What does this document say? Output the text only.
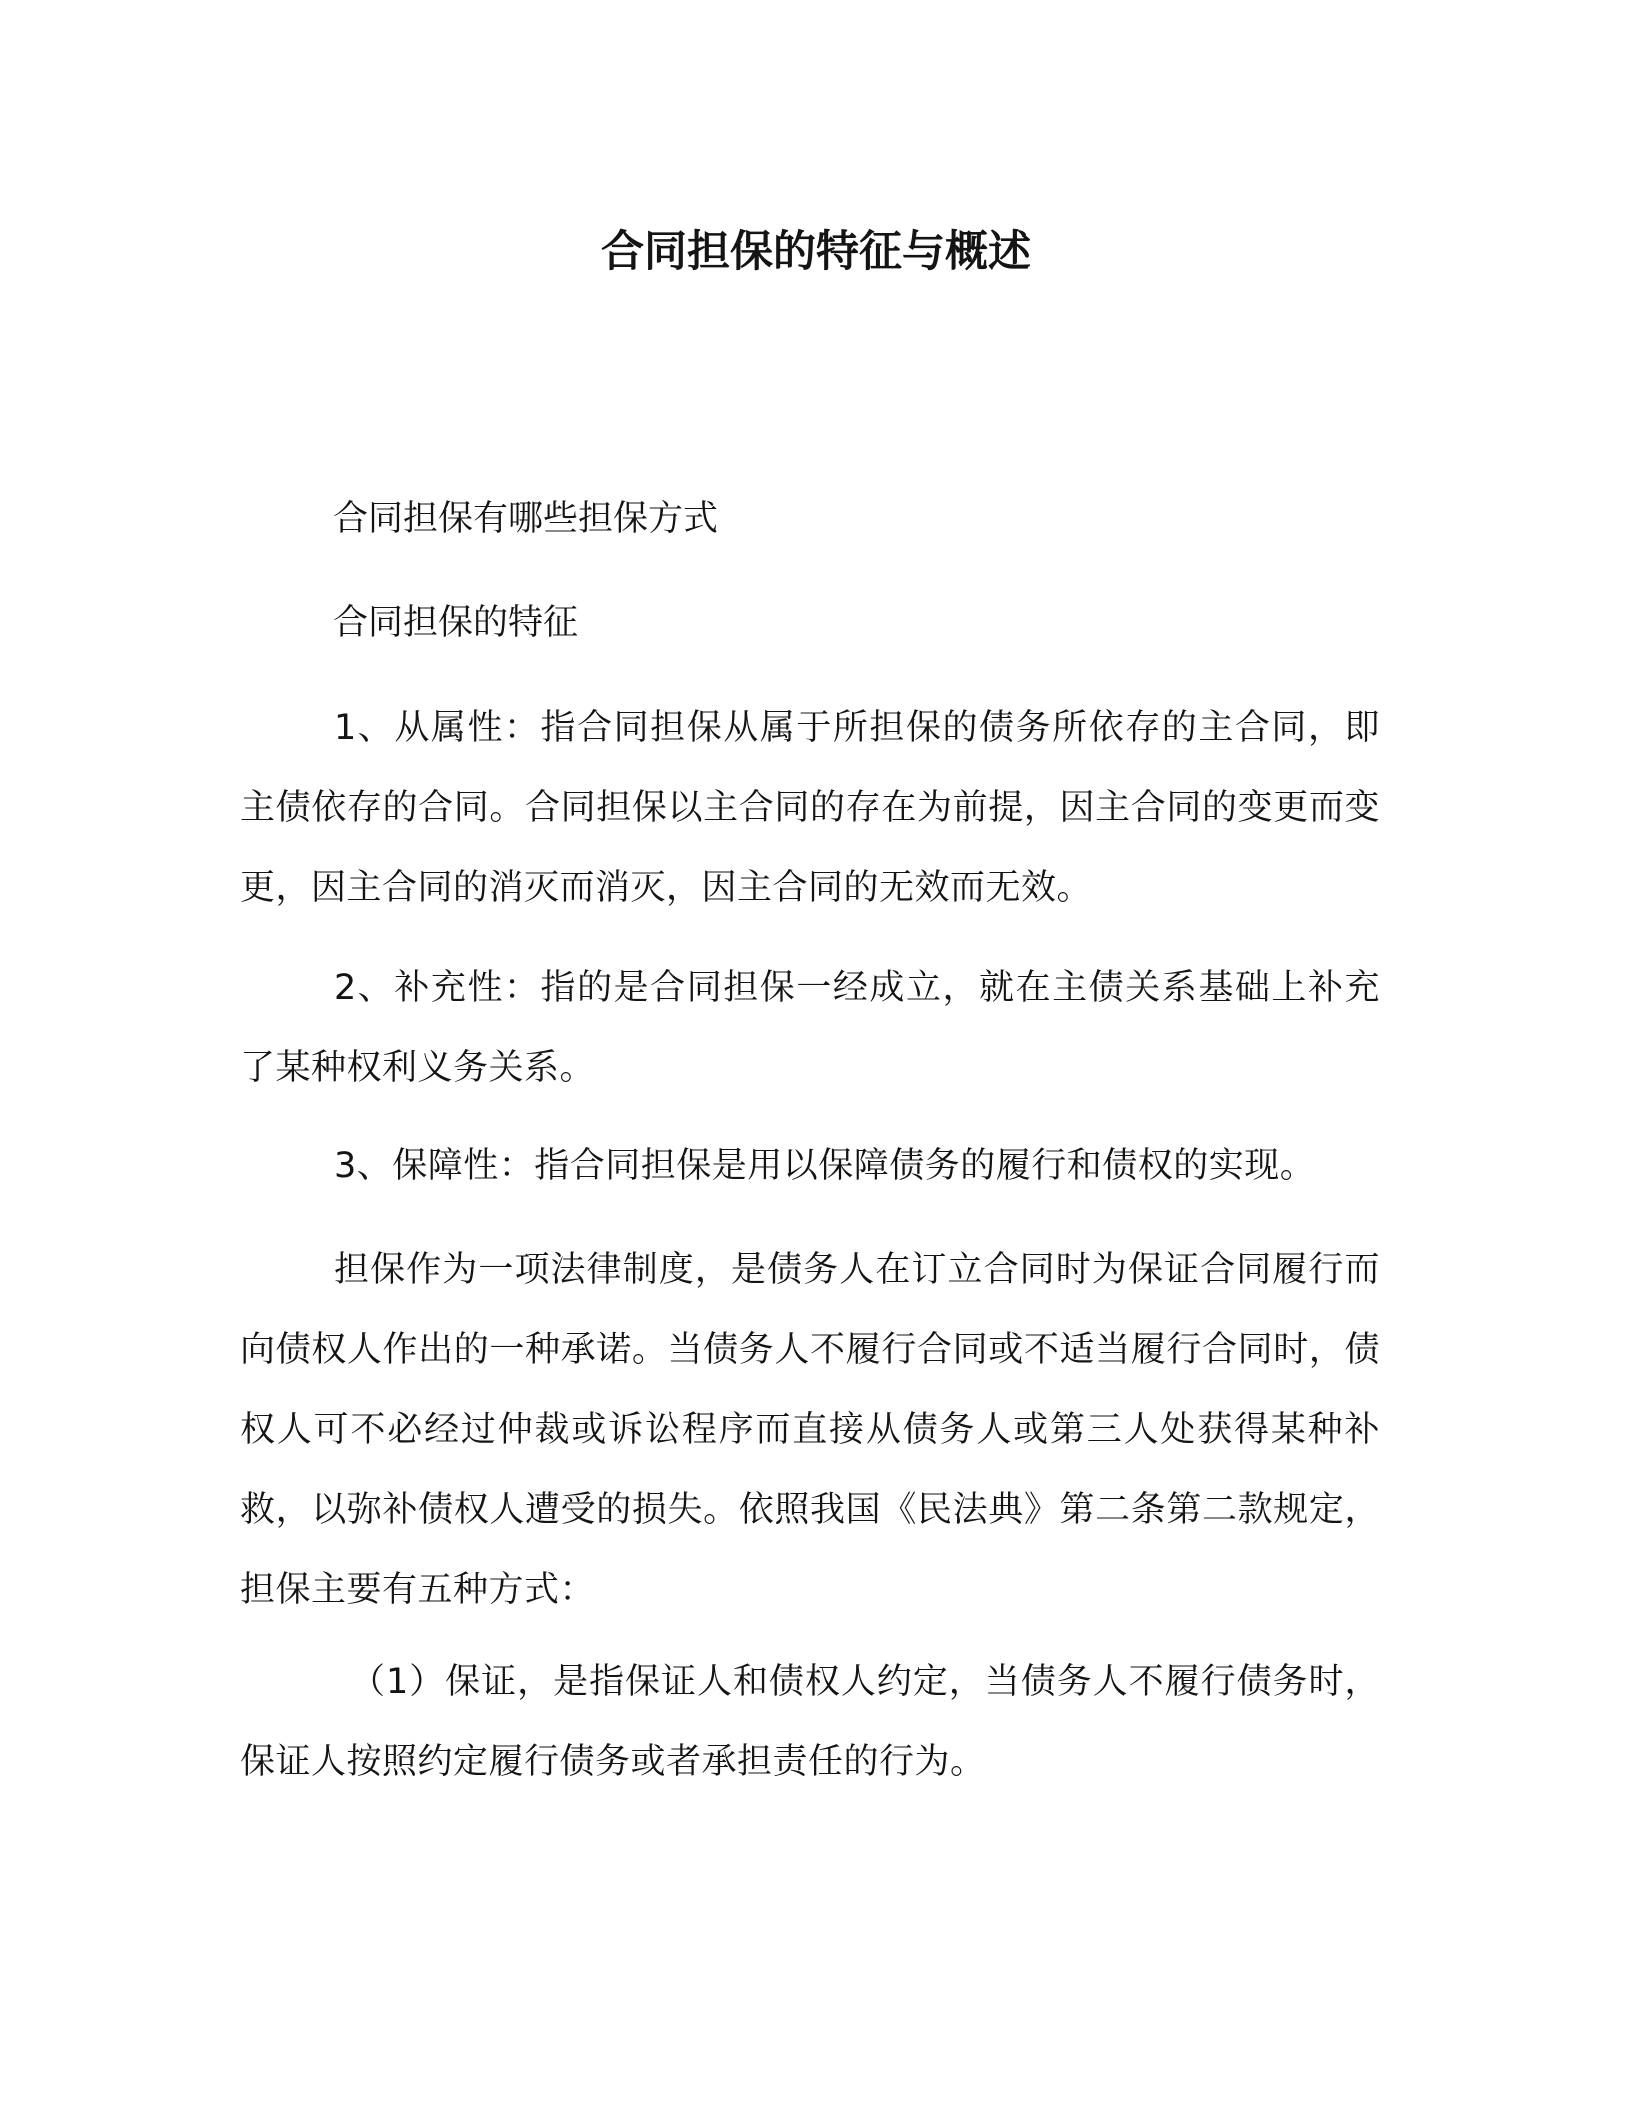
合同担保的特征与概述

合同担保有哪些担保方式

合同担保的特征

1、从属性：指合同担保从属于所担保的债务所依存的主合同，即主债依存的合同。合同担保以主合同的存在为前提，因主合同的变更而变更，因主合同的消灭而消灭，因主合同的无效而无效。

2、补充性：指的是合同担保一经成立，就在主债关系基础上补充了某种权利义务关系。

3、保障性：指合同担保是用以保障债务的履行和债权的实现。

担保作为一项法律制度，是债务人在订立合同时为保证合同履行而向债权人作出的一种承诺。当债务人不履行合同或不适当履行合同时，债权人可不必经过仲裁或诉讼程序而直接从债务人或第三人处获得某种补救，以弥补债权人遭受的损失。依照我国《民法典》第二条第二款规定，担保主要有五种方式：

（1）保证，是指保证人和债权人约定，当债务人不履行债务时，保证人按照约定履行债务或者承担责任的行为。
